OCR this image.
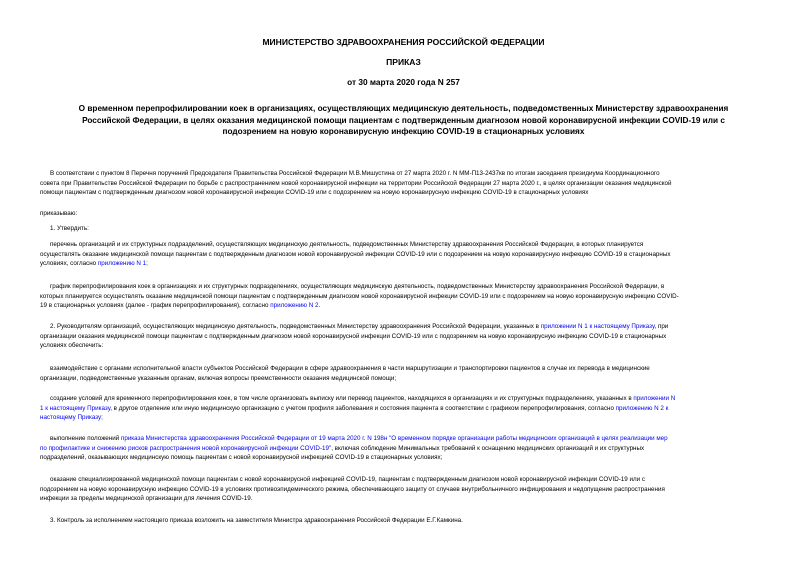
МИНИСТЕРСТВО ЗДРАВООХРАНЕНИЯ РОССИЙСКОЙ ФЕДЕРАЦИИ
ПРИКАЗ
от 30 марта 2020 года N 257
О временном перепрофилировании коек в организациях, осуществляющих медицинскую деятельность, подведомственных Министерству здравоохранения
Российской Федерации, в целях оказания медицинской помощи пациентам с подтвержденным диагнозом новой коронавирусной инфекции COVID-19 или с
подозрением на новую коронавирусную инфекцию COVID-19 в стационарных условиях
В соответствии с пунктом 8 Перечня поручений Председателя Правительства Российской Федерации М.В.Мишустина от 27 марта 2020 г. N ММ-П13-2437кв по итогам заседания президиума Координационного
совета при Правительстве Российской Федерации по борьбе с распространением новой коронавирусной инфекции на территории Российской Федерации 27 марта 2020 г., в целях организации оказания медицинской
помощи пациентам с подтвержденным диагнозом новой коронавирусной инфекции COVID-19 или с подозрением на новую коронавирусную инфекцию COVID-19 в стационарных условиях
приказываю:
1. Утвердить:
перечень организаций и их структурных подразделений, осуществляющих медицинскую деятельность, подведомственных Министерству здравоохранения Российской Федерации, в которых планируется
осуществлять оказание медицинской помощи пациентам с подтвержденным диагнозом новой коронавирусной инфекции COVID-19 или с подозрением на новую коронавирусную инфекцию COVID-19 в стационарных
условиях, согласно приложению N 1;
график перепрофилирования коек в организациях и их структурных подразделениях, осуществляющих медицинскую деятельность, подведомственных Министерству здравоохранения Российской Федерации, в
которых планируется осуществлять оказание медицинской помощи пациентам с подтвержденным диагнозом новой коронавирусной инфекции COVID-19 или с подозрением на новую коронавирусную инфекцию COVID-
19 в стационарных условиях (далее - график перепрофилирования), согласно приложению N 2.
2. Руководителям организаций, осуществляющих медицинскую деятельность, подведомственных Министерству здравоохранения Российской Федерации, указанных в приложении N 1 к настоящему Приказу, при
организации оказания медицинской помощи пациентам с подтвержденным диагнозом новой коронавирусной инфекции COVID-19 или с подозрением на новую коронавирусную инфекцию COVID-19 в стационарных
условиях обеспечить:
взаимодействие с органами исполнительной власти субъектов Российской Федерации в сфере здравоохранения в части маршрутизации и транспортировки пациентов в случае их перевода в медицинские
организации, подведомственные указанным органам, включая вопросы преемственности оказания медицинской помощи;
создание условий для временного перепрофилирования коек, в том числе организовать выписку или перевод пациентов, находящихся в организациях и их структурных подразделениях, указанных в приложении N
1 к настоящему Приказу, в другое отделение или иную медицинскую организацию с учетом профиля заболевания и состояния пациента в соответствии с графиком перепрофилирования, согласно приложению N 2 к
настоящему Приказу;
выполнение положений приказа Министерства здравоохранения Российской Федерации от 19 марта 2020 г. N 198н "О временном порядке организации работы медицинских организаций в целях реализации мер
по профилактике и снижению рисков распространения новой коронавирусной инфекции COVID-19", включая соблюдение Минимальных требований к оснащению медицинских организаций и их структурных
подразделений, оказывающих медицинскую помощь пациентам с новой коронавирусной инфекцией COVID-19 в стационарных условиях;
оказание специализированной медицинской помощи пациентам с новой коронавирусной инфекцией COVID-19, пациентам с подтвержденным диагнозом новой коронавирусной инфекции COVID-19 или с
подозрением на новую коронавирусную инфекцию COVID-19 в условиях противоэпидемического режима, обеспечивающего защиту от случаев внутрибольничного инфицирования и недопущение распространения
инфекции за пределы медицинской организации для лечения COVID-19.
3. Контроль за исполнением настоящего приказа возложить на заместителя Министра здравоохранения Российской Федерации Е.Г.Камкина.
